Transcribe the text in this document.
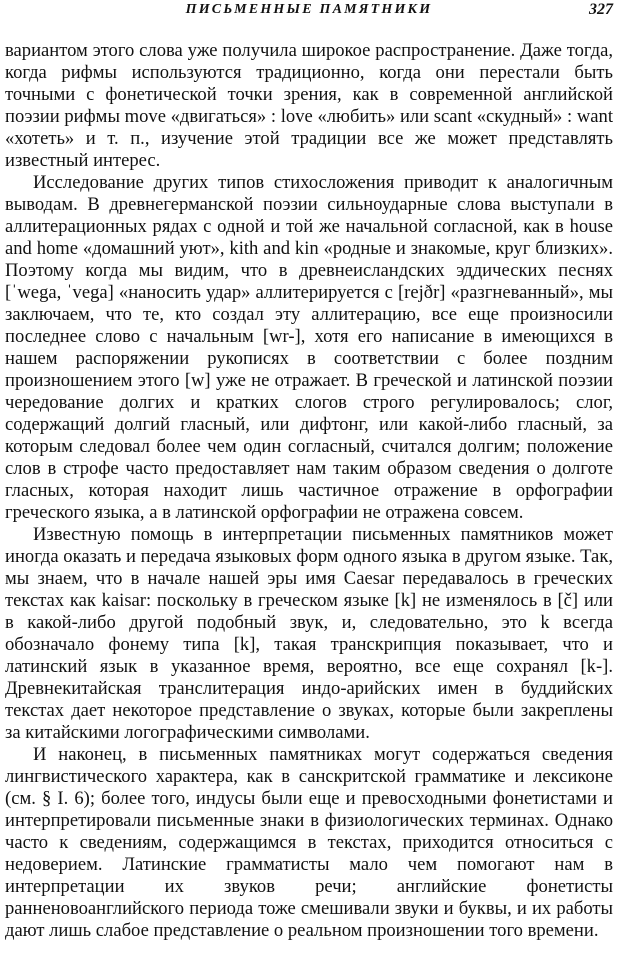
ПИСЬМЕННЫЕ ПАМЯТНИКИ	327

вариантом этого слова уже получила широкое распространение. Даже тогда, когда рифмы используются традиционно, когда они перестали быть точными с фонетической точки зрения, как в современной английской поэзии рифмы move «двигаться» : love «любить» или scant «скудный» : want «хотеть» и т. п., изучение этой традиции все же может представлять известный интерес.

Исследование других типов стихосложения приводит к аналогичным выводам. В древнегерманской поэзии сильноударные слова выступали в аллитерационных рядах с одной и той же начальной согласной, как в house and home «домашний уют», kith and kin «родные и знакомые, круг близких». Поэтому когда мы видим, что в древнеисландских эддических песнях [ˈwega, ˈvega] «наносить удар» аллитерируется с [rejðr] «разгневанный», мы заключаем, что те, кто создал эту аллитерацию, все еще произносили последнее слово с начальным [wr-], хотя его написание в имеющихся в нашем распоряжении рукописях в соответствии с более поздним произношением этого [w] уже не отражает. В греческой и латинской поэзии чередование долгих и кратких слогов строго регулировалось; слог, содержащий долгий гласный, или дифтонг, или какой-либо гласный, за которым следовал более чем один согласный, считался долгим; положение слов в строфе часто предоставляет нам таким образом сведения о долготе гласных, которая находит лишь частичное отражение в орфографии греческого языка, а в латинской орфографии не отражена совсем.

Известную помощь в интерпретации письменных памятников может иногда оказать и передача языковых форм одного языка в другом языке. Так, мы знаем, что в начале нашей эры имя Caesar передавалось в греческих текстах как kaisar: поскольку в греческом языке [k] не изменялось в [č] или в какой-либо другой подобный звук, и, следовательно, это k всегда обозначало фонему типа [k], такая транскрипция показывает, что и латинский язык в указанное время, вероятно, все еще сохранял [k-]. Древнекитайская транслитерация индо-арийских имен в буддийских текстах дает некоторое представление о звуках, которые были закреплены за китайскими логографическими символами.

И наконец, в письменных памятниках могут содержаться сведения лингвистического характера, как в санскритской грамматике и лексиконе (см. § I. 6); более того, индусы были еще и превосходными фонетистами и интерпретировали письменные знаки в физиологических терминах. Однако часто к сведениям, содержащимся в текстах, приходится относиться с недоверием. Латинские грамматисты мало чем помогают нам в интерпретации их звуков речи; английские фонетисты ранненовоанглийского периода тоже смешивали звуки и буквы, и их работы дают лишь слабое представление о реальном произношении того времени.
